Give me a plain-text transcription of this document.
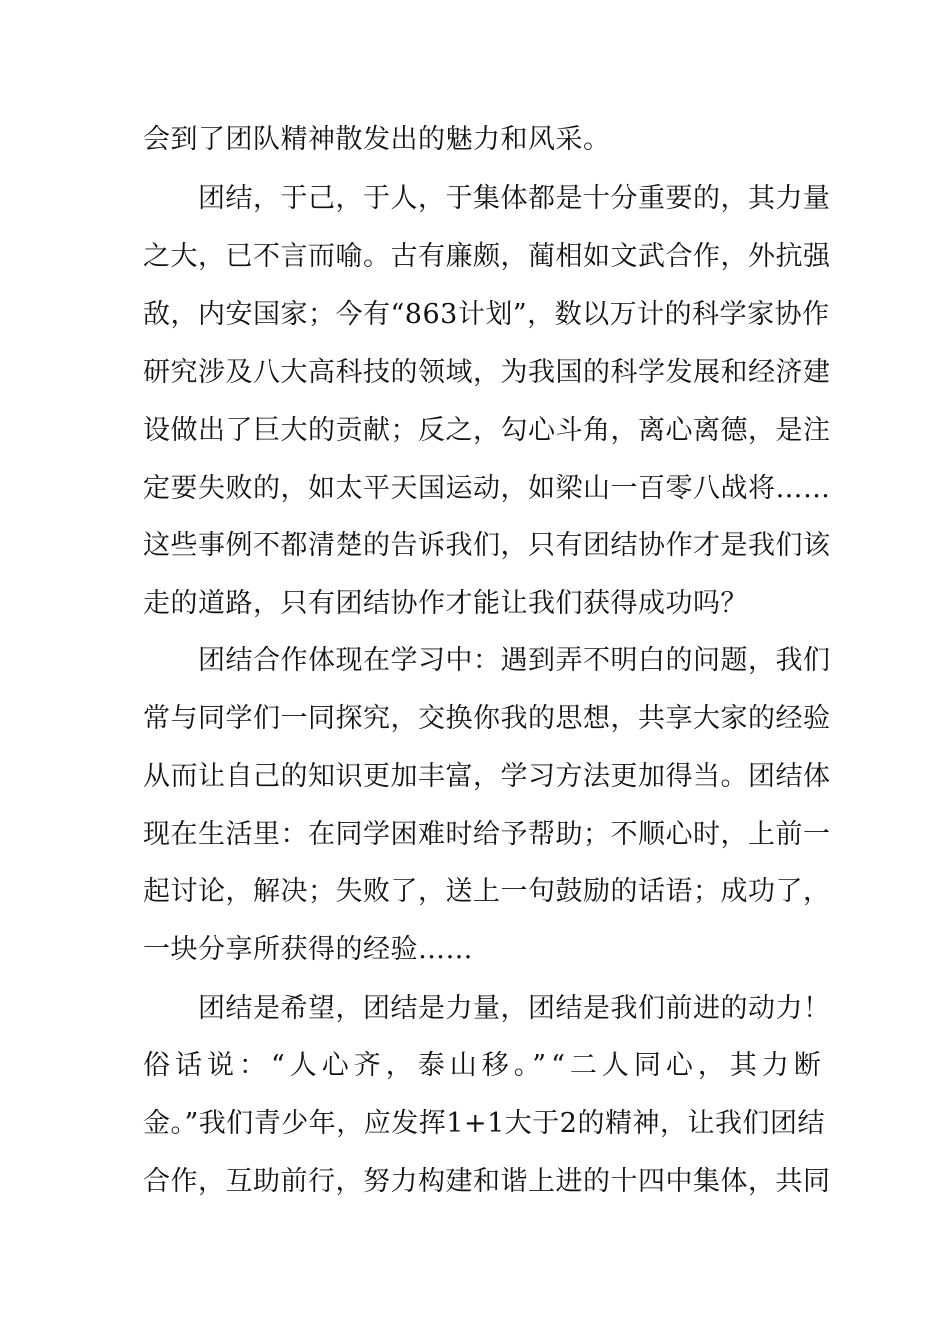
会到了团队精神散发出的魅力和风采。
团结，于己，于人，于集体都是十分重要的，其力量
之大，已不言而喻。古有廉颇，蔺相如文武合作，外抗强
敌，内安国家；今有“863计划”，数以万计的科学家协作
研究涉及八大高科技的领域，为我国的科学发展和经济建
设做出了巨大的贡献；反之，勾心斗角，离心离德，是注
定要失败的，如太平天国运动，如梁山一百零八战将……
这些事例不都清楚的告诉我们，只有团结协作才是我们该
走的道路，只有团结协作才能让我们获得成功吗？
团结合作体现在学习中：遇到弄不明白的问题，我们
常与同学们一同探究，交换你我的思想，共享大家的经验
从而让自己的知识更加丰富，学习方法更加得当。团结体
现在生活里：在同学困难时给予帮助；不顺心时，上前一
起讨论，解决；失败了，送上一句鼓励的话语；成功了，
一块分享所获得的经验……
团结是希望，团结是力量，团结是我们前进的动力！
俗话说：“人心齐，泰山移。”“二人同心，其力断
金。”我们青少年，应发挥1+1大于2的精神，让我们团结
合作，互助前行，努力构建和谐上进的十四中集体，共同
